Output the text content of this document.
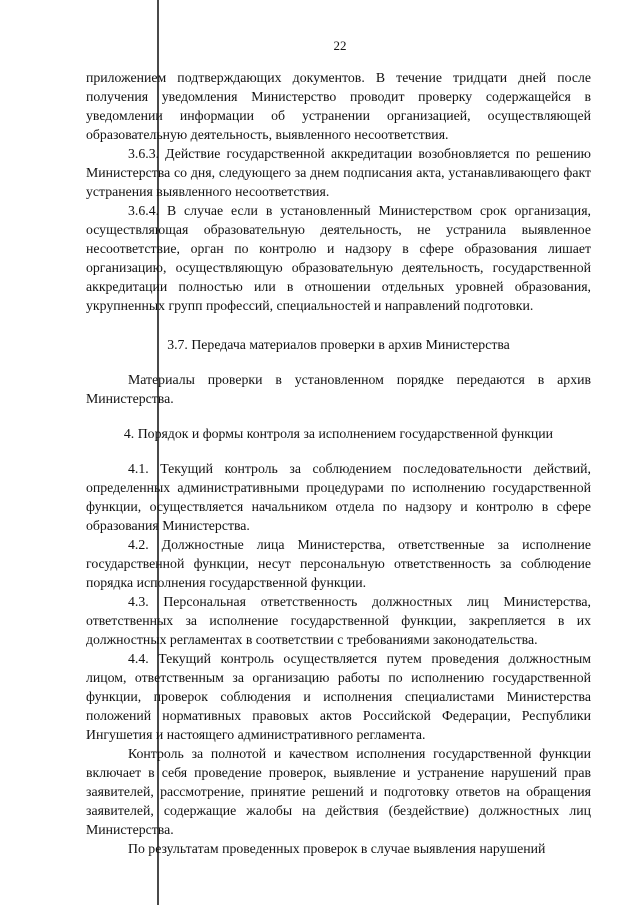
22

приложением подтверждающих документов. В течение тридцати дней после получения уведомления Министерство проводит проверку содержащейся в уведомлении информации об устранении организацией, осуществляющей образовательную деятельность, выявленного несоответствия.

3.6.3. Действие государственной аккредитации возобновляется по решению Министерства со дня, следующего за днем подписания акта, устанавливающего факт устранения выявленного несоответствия.

3.6.4. В случае если в установленный Министерством срок организация, осуществляющая образовательную деятельность, не устранила выявленное несоответствие, орган по контролю и надзору в сфере образования лишает организацию, осуществляющую образовательную деятельность, государственной аккредитации полностью или в отношении отдельных уровней образования, укрупненных групп профессий, специальностей и направлений подготовки.

3.7. Передача материалов проверки в архив Министерства

Материалы проверки в установленном порядке передаются в архив Министерства.

4. Порядок и формы контроля за исполнением государственной функции

4.1. Текущий контроль за соблюдением последовательности действий, определенных административными процедурами по исполнению государственной функции, осуществляется начальником отдела по надзору и контролю в сфере образования Министерства.

4.2. Должностные лица Министерства, ответственные за исполнение государственной функции, несут персональную ответственность за соблюдение порядка исполнения государственной функции.

4.3. Персональная ответственность должностных лиц Министерства, ответственных за исполнение государственной функции, закрепляется в их должностных регламентах в соответствии с требованиями законодательства.

4.4. Текущий контроль осуществляется путем проведения должностным лицом, ответственным за организацию работы по исполнению государственной функции, проверок соблюдения и исполнения специалистами Министерства положений нормативных правовых актов Российской Федерации, Республики Ингушетия и настоящего административного регламента.

Контроль за полнотой и качеством исполнения государственной функции включает в себя проведение проверок, выявление и устранение нарушений прав заявителей, рассмотрение, принятие решений и подготовку ответов на обращения заявителей, содержащие жалобы на действия (бездействие) должностных лиц Министерства.

По результатам проведенных проверок в случае выявления нарушений
